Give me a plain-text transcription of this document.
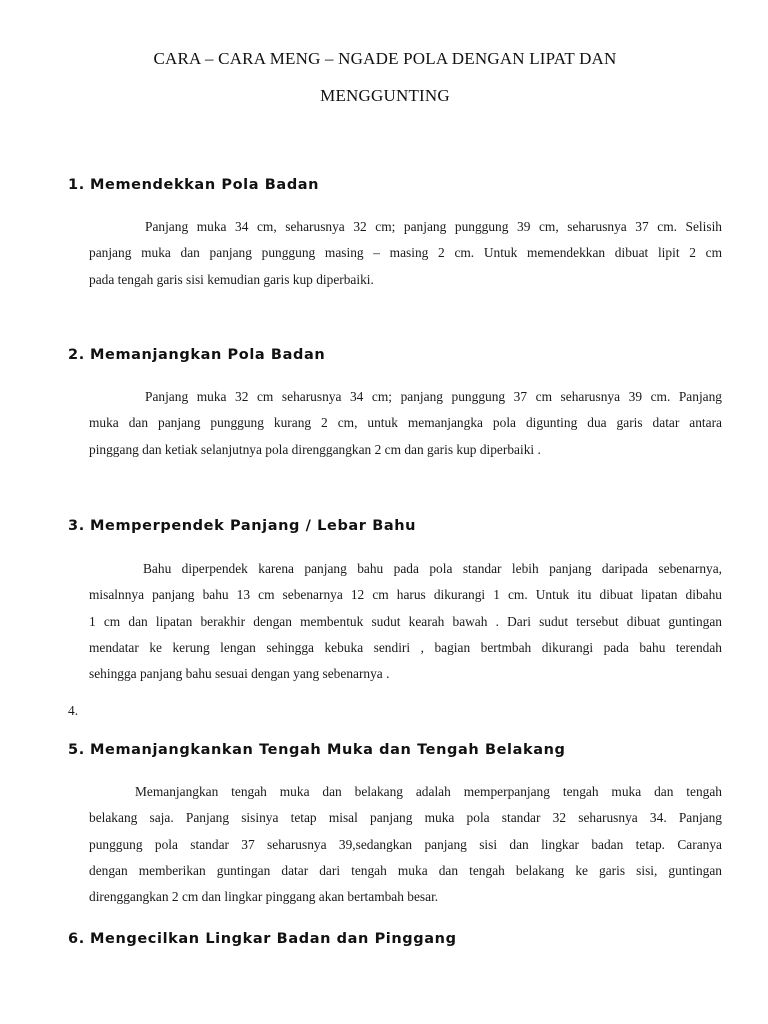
CARA – CARA MENG – NGADE POLA DENGAN LIPAT DAN
MENGGUNTING
1. Memendekkan Pola Badan
Panjang muka 34 cm, seharusnya 32 cm; panjang punggung 39 cm, seharusnya 37 cm. Selisih
panjang muka dan panjang punggung masing – masing 2 cm. Untuk memendekkan dibuat lipit 2 cm
pada tengah garis sisi kemudian garis kup diperbaiki.
2. Memanjangkan Pola Badan
Panjang muka 32 cm seharusnya 34 cm; panjang punggung 37 cm seharusnya 39 cm. Panjang
muka dan panjang punggung kurang 2 cm, untuk memanjangka pola digunting dua garis datar antara
pinggang dan ketiak selanjutnya pola direnggangkan 2 cm dan garis kup diperbaiki .
3. Memperpendek Panjang / Lebar Bahu
Bahu diperpendek karena panjang bahu pada pola standar lebih panjang daripada sebenarnya,
misalnnya panjang bahu 13 cm sebenarnya 12 cm harus dikurangi 1 cm. Untuk itu dibuat lipatan dibahu
1 cm dan lipatan berakhir dengan membentuk sudut kearah bawah . Dari sudut tersebut dibuat guntingan
mendatar ke kerung lengan sehingga kebuka sendiri , bagian bertmbah dikurangi pada bahu terendah
sehingga panjang bahu sesuai dengan yang sebenarnya .
4.
5. Memanjangkankan Tengah Muka dan Tengah Belakang
Memanjangkan tengah muka dan belakang adalah memperpanjang tengah muka dan tengah
belakang saja. Panjang sisinya tetap misal panjang muka pola standar 32 seharusnya 34. Panjang
punggung pola standar 37 seharusnya 39,sedangkan panjang sisi dan lingkar badan tetap. Caranya
dengan memberikan guntingan datar dari tengah muka dan tengah belakang ke garis sisi, guntingan
direnggangkan 2 cm dan lingkar pinggang akan bertambah besar.
6. Mengecilkan Lingkar Badan dan Pinggang
